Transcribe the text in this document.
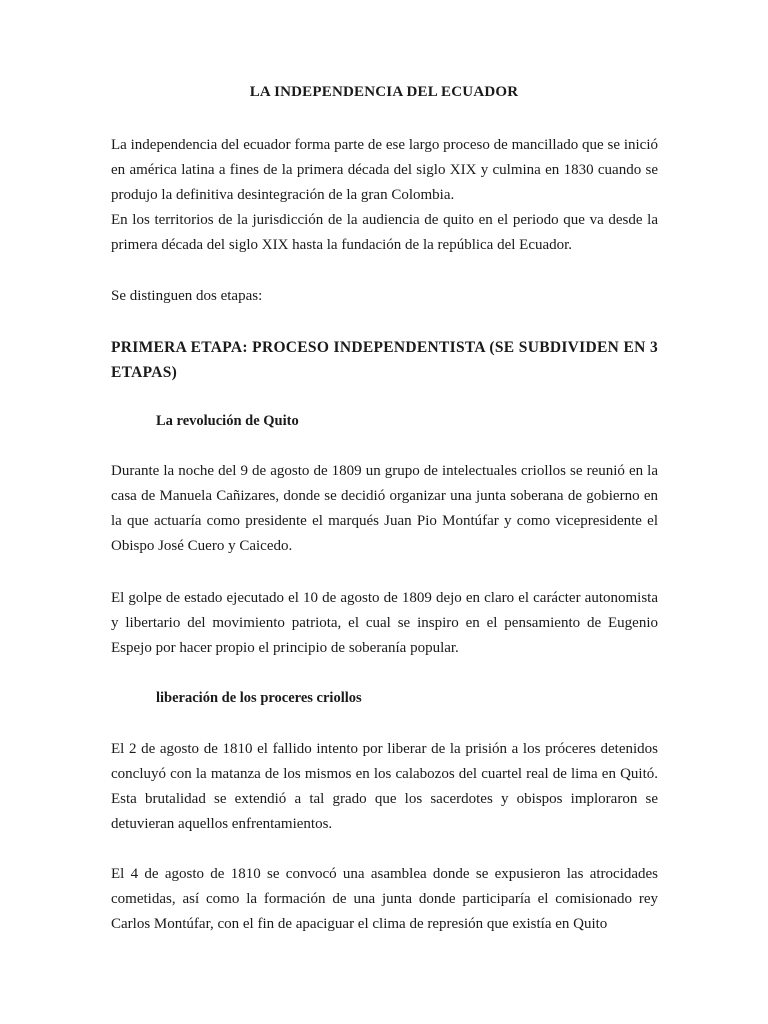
LA INDEPENDENCIA DEL ECUADOR

La independencia del ecuador forma parte de ese largo proceso de mancillado que se inició en américa latina a fines de la primera década del siglo XIX y culmina en 1830 cuando se produjo la definitiva desintegración de la gran Colombia.

En los territorios de la jurisdicción de la audiencia de quito en el periodo que va desde la primera década del siglo XIX hasta la fundación de la república del Ecuador.

Se distinguen dos etapas:

PRIMERA ETAPA: PROCESO INDEPENDENTISTA (SE SUBDIVIDEN EN 3 ETAPAS)
La revolución de Quito

Durante la noche del 9 de agosto de 1809 un grupo de intelectuales criollos se reunió en la casa de Manuela Cañizares, donde se decidió organizar una junta soberana de gobierno en la que actuaría como presidente el marqués Juan Pio Montúfar y como vicepresidente el Obispo José Cuero y Caicedo.

El golpe de estado ejecutado el 10 de agosto de 1809 dejo en claro el carácter autonomista y libertario del movimiento patriota, el cual se inspiro en el pensamiento de Eugenio Espejo por hacer propio el principio de soberanía popular.

liberación de los proceres criollos

El 2 de agosto de 1810 el fallido intento por liberar de la prisión a los próceres detenidos concluyó con la matanza de los mismos en los calabozos del cuartel real de lima en Quitó. Esta brutalidad se extendió a tal grado que los sacerdotes y obispos imploraron se detuvieran aquellos enfrentamientos.

El 4 de agosto de 1810 se convocó una asamblea donde se expusieron las atrocidades cometidas, así como la formación de una junta donde participaría el comisionado rey Carlos Montúfar, con el fin de apaciguar el clima de represión que existía en Quito
